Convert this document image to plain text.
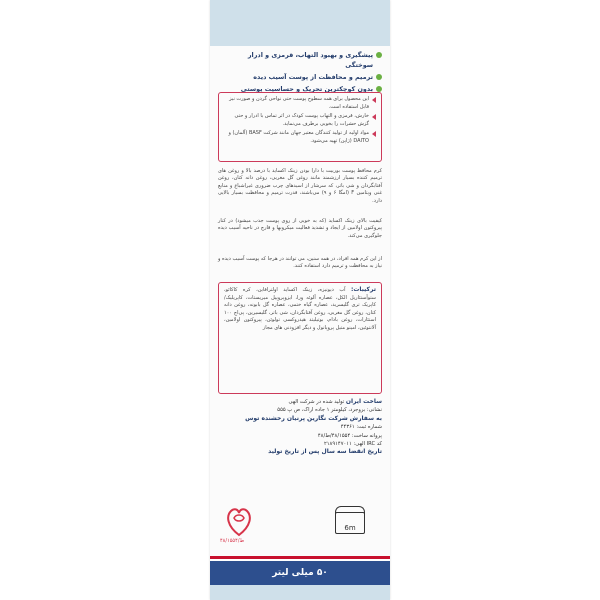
پیشگیری و بهبود التهاب، قرمزی و ادرار سوختگی
ترمیم و محافظت از پوست آسیب دیده
بدون کوچکترین تحریک و حساسیت پوستی
این محصول برای همه سطوح پوست حتی نواحی گردن و صورت نیز قابل استفاده است.
خارش، قرمزی و التهاب پوست کودک در اثر تماس با ادرار و حتی گزش حشرات را بخوبی برطرف می‌نماید.
مواد اولیه از تولید کنندگان معتبر جهان مانند شرکت BASF (آلمان) و DAITO (ژاپن) تهیه می‌شود.
کرم محافظ پوست بوربیت با دارا بودن زینک اکساید با درصد بالا و روغن های ترمیم کننده بسیار ارزشمند مانند روغن گل مغربی، روغن دانه کتان، روغن آفتابگردان و شی باتر، که سرشار از اسیدهای چرب ضروری غیراشباع و منابع غنی ویتامین F (امگا ۶ و ۹) می‌باشند، قدرت ترمیم و محافظت بسیار بالایی دارد.
کیفیت بالای زینک اکساید (که به خوبی از روی پوست جذب میشود) در کنار پیروکتون اولامین از ایجاد و تشدید فعالیت میکروبها و قارچ در ناحیه آسیب دیده جلوگیری می‌کند.
از این کرم همه افراد، در همه سنین، می توانند در هرجا که پوست آسیب دیده و نیاز به محافظت و ترمیم دارد استفاده کنند.
ترکیبات: آب دیونیزه، زینک اکساید اولترافاین، کره کاکائو، ستوآستئاریل الکل، عصاره آلوئه ورا، ایزوپروپیل میریستات، کاپریلیک/کاپریک تری گلیسرید، عصاره گیاه ختمی، عصاره گل بابونه، روغن دانه کتان، روغن گل مغربی، روغن آفتابگردان، شی باتر، گلیسیرین، پی‌اچ ۱۰۰ استئارات، روغن بادام، بوتیلیتد هیدروکسی تولوئن، پیروکتون اولامین، آلانتوئین، امینو متیل پروپانول و دیگر افزودنی های مجاز
ساخت ایران تولید شده در شرکت الهی
نشانی: بروجرد، کیلومتر ۱ جاده اراک، ص پ ۵۵۵
به سفارش شرکت نگارین پرنیان رخشنده توس
شماره ثبت: ۴۴۳۶۱
پروانه ساخت: ۴۸/۱۵۵۴/ط/۴۸
کد IRC الهی: ۲۱۸۹۱۴۷۰۱۱
تاریخ انقضا سه سال پس از تاریخ تولید
۴۸/ط/۱۵۵۴
6m
۵۰ میلی لیتر
